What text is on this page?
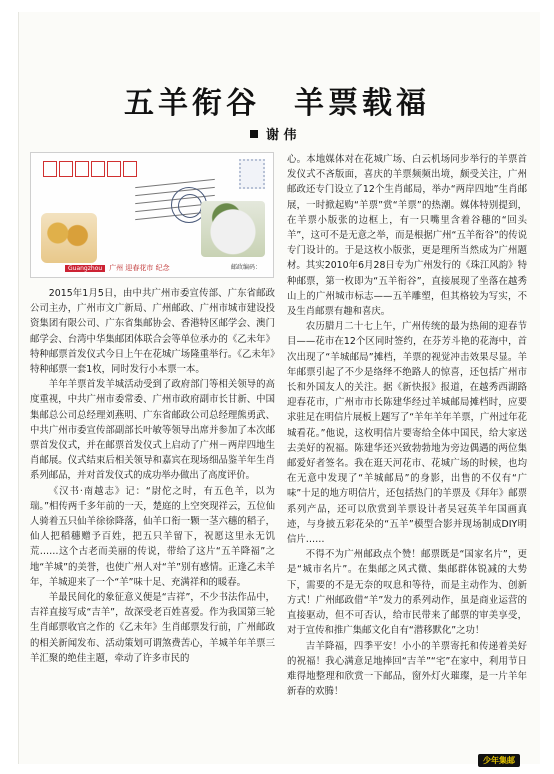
五羊衔谷　羊票载福
谢 伟
Guangzhou	广州 迎春花市 纪念	邮政编码：

2015年1月5日，由中共广州市委宣传部、广东省邮政公司主办，广州市文广新局、广州邮政、广州市城市建设投资集团有限公司、广东省集邮协会、香港特区邮学会、澳门邮学会、台湾中华集邮团体联合会等单位承办的《乙未年》特种邮票首发仪式今日上午在花城广场隆重举行。《乙未年》特种邮票一套1枚，同时发行小本票一本。

羊年羊票首发羊城活动受到了政府部门等相关领导的高度重视，中共广州市委常委、广州市政府副市长甘新、中国集邮总公司总经理刘燕明、广东省邮政公司总经理熊勇武、中共广州市委宣传部副部长叶敏等领导出席并参加了本次邮票首发仪式，并在邮票首发仪式上启动了广州－两岸四地生肖邮展。仪式结束后相关领导和嘉宾在现场细品鉴羊年生肖系列邮品，并对首发仪式的成功举办做出了高度评价。

《汉书·南越志》记：“尉佗之时，有五色羊，以为瑞。”相传两千多年前的一天，楚庭的上空突现祥云，五位仙人骑着五只仙羊徐徐降落，仙羊口衔一颗一茎六穗的稻子，仙人把稻穗赠予百姓，把五只羊留下，祝愿这里永无饥荒……这个古老而美丽的传说，带给了这片“五羊降福”之地“羊城”的美誉，也使广州人对“羊”别有感情。正逢乙未羊年，羊城迎来了一个“羊”味十足、充满祥和的暖春。

羊最民间化的象征意义便是“吉祥”，不少书法作品中，吉祥直接写成“吉羊”，故深受老百姓喜爱。作为我国第三轮生肖邮票收官之作的《乙未年》生肖邮票发行前，广州邮政的相关新闻发布、活动策划可谓煞费苦心，羊城羊年羊票三羊汇聚的绝佳主题，牵动了许多市民的

心。本地媒体对在花城广场、白云机场同步举行的羊票首发仪式不吝版面，喜庆的羊票频频出境，颇受关注，广州邮政还专门设立了12个生肖邮局，举办“两岸四地”生肖邮展，一时掀起购“羊票”赏“羊票”的热潮。媒体特别提到，在羊票小版张的边框上，有一只嘴里含着谷穗的“回头羊”，这可不是无意之举，而是根据广州“五羊衔谷”的传说专门设计的。于是这枚小版张，更是理所当然成为广州题材。其实2010年6月28日专为广州发行的《珠江风韵》特种邮票，第一枚即为“五羊衔谷”，直接展现了坐落在越秀山上的广州城市标志——五羊雕塑，但其格较为写实，不及生肖邮票有趣和喜庆。

农历腊月二十七上午，广州传统的最为热闹的迎春节目——花市在12个区同时签约，在芬芳斗艳的花海中，首次出现了“羊城邮局”摊档，羊票的视觉冲击效果尽显。羊年邮票引起了不少是络绎不绝路人的惊喜，还包括广州市长和外国友人的关注。据《新快报》报道，在越秀西湖路迎春花市，广州市市长陈建华经过羊城邮局摊档时，应要求驻足在明信片展板上题写了“羊年羊年羊票，广州过年花城看花。”他说，这枚明信片要寄给全体中国民，给大家送去美好的祝福。陈建华还兴致勃勃地为旁边偶遇的两位集邮爱好者签名。我在逛天河花市、花城广场的时候，也均在无意中发现了“羊城邮局”的身影，出售的不仅有“广味”十足的地方明信片，还包括热门的羊票及《拜年》邮票系列产品，还可以欣赏到羊票设计者吴冠英羊年国画真迹，与身披五彩花朵的“五羊”模型合影并现场制成DIY明信片……

不得不为广州邮政点个赞！邮票既是“国家名片”，更是“城市名片”。在集邮之风式微、集邮群体锐减的大势下，需要的不是无奈的叹息和等待，而是主动作为、创新方式！广州邮政借“羊”发力的系列动作，虽是商业运营的直接驱动，但不可否认，给市民带来了邮票的审美享受，对于宣传和推广集邮文化自有“潜移默化”之功！

吉羊降福，四季平安！小小的羊票寄托和传递着美好的祝福！我心满意足地捧回“吉羊”“宅”在家中，利用节日难得地整理和欣赏一下邮品，窗外灯火璀璨，是一片羊年新春的欢腾！

少年集邮
